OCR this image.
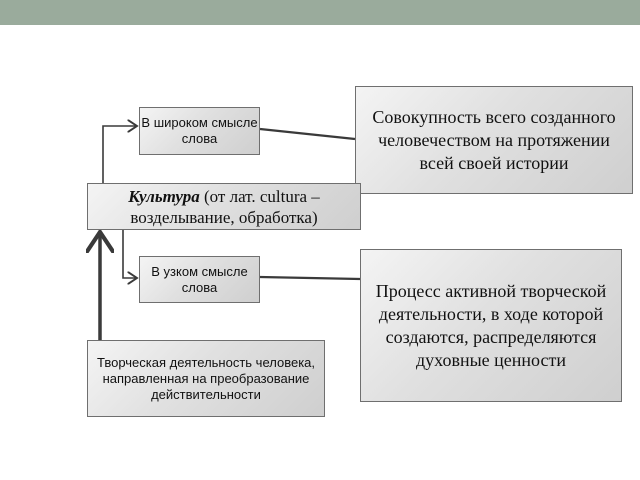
В широком смысле слова
Совокупность всего созданного человечеством на протяжении всей своей истории
Культура (от лат. cultura – возделывание, обработка)
В узком смысле слова	Процесс активной творческой деятельности, в ходе которой создаются, распределяются духовные ценности
Творческая деятельность человека, направленная на преобразование действительности
